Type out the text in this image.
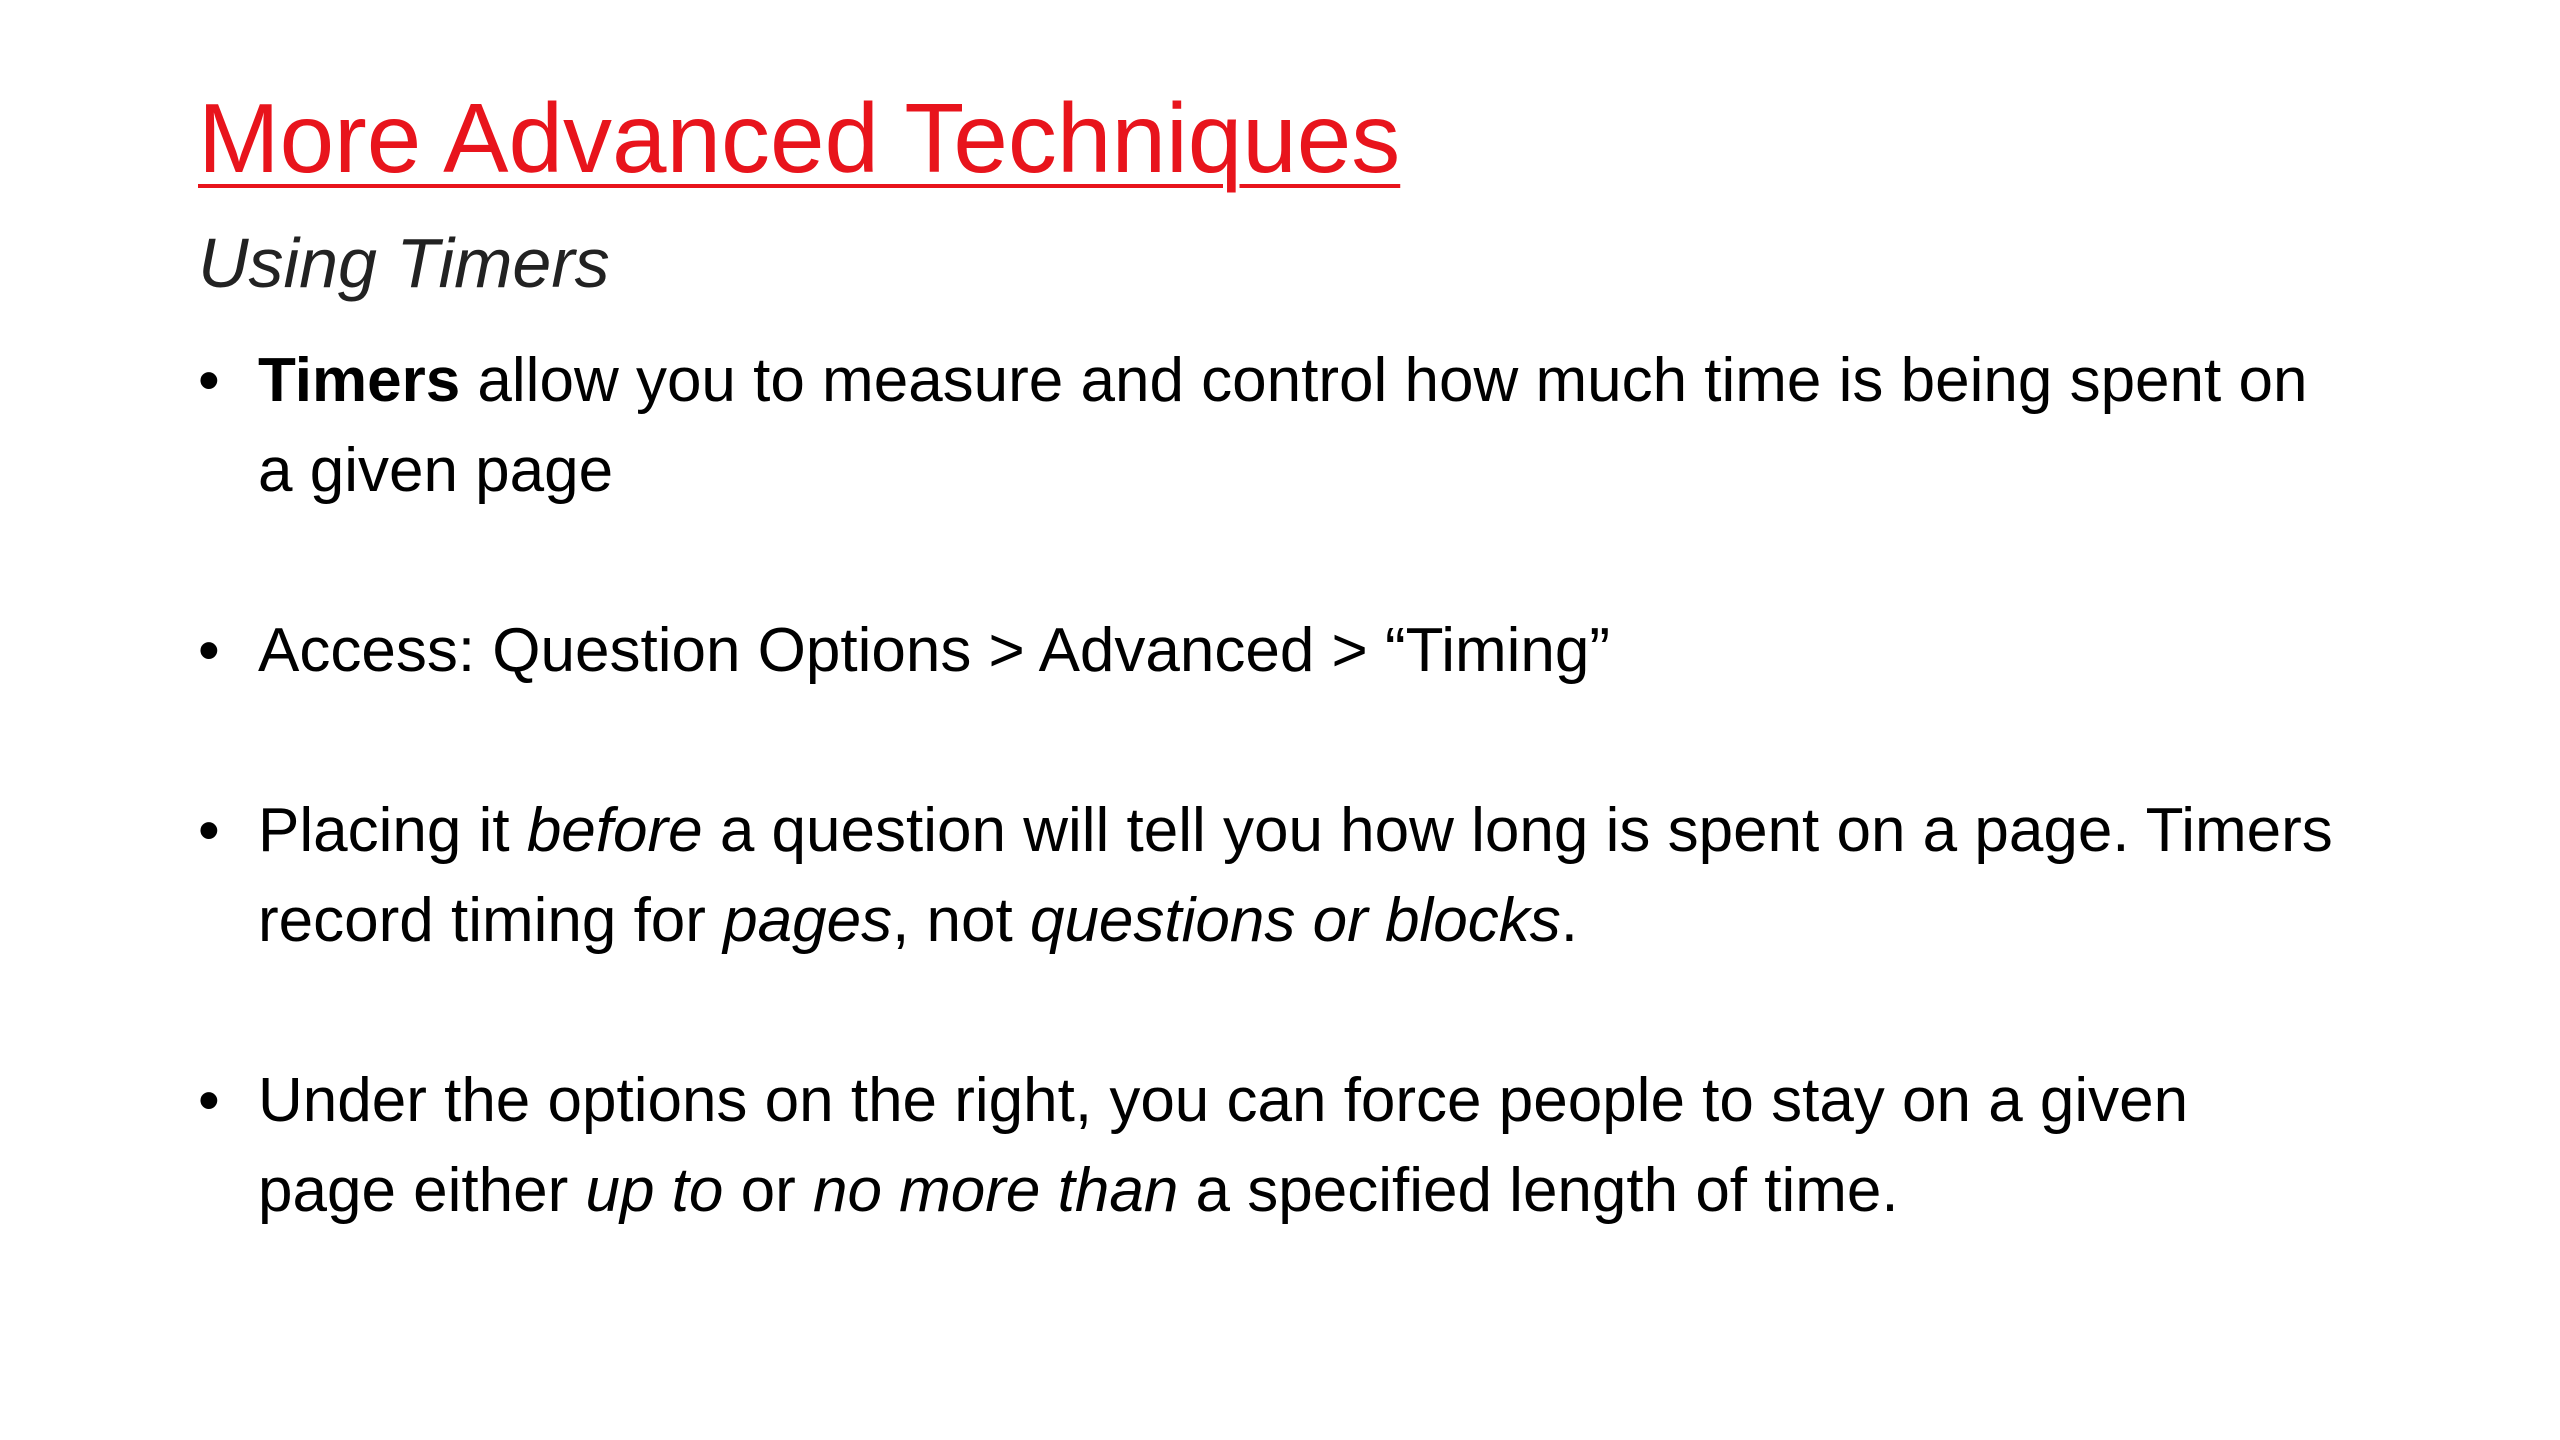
More Advanced Techniques
Using Timers
• Timers allow you to measure and control how much time is being spent on a given page
• Access: Question Options > Advanced > “Timing”
• Placing it before a question will tell you how long is spent on a page. Timers record timing for pages, not questions or blocks.
• Under the options on the right, you can force people to stay on a given page either up to or no more than a specified length of time.
